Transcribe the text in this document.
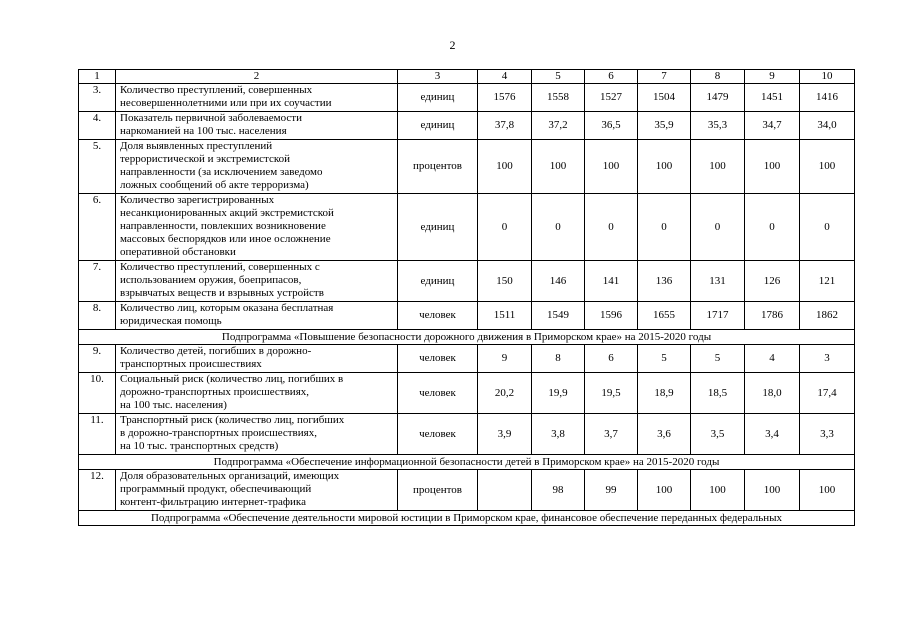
2
1	2	3	4	5	6	7	8	9	10
3.	Количество преступлений, совершенных
несовершеннолетними или при их соучастии	единиц	1576	1558	1527	1504	1479	1451	1416
4.	Показатель первичной заболеваемости
наркоманией на 100 тыс. населения	единиц	37,8	37,2	36,5	35,9	35,3	34,7	34,0
5.	Доля выявленных преступлений
террористической и экстремистской
направленности (за исключением заведомо
ложных сообщений об акте терроризма)	процентов	100	100	100	100	100	100	100
6.	Количество зарегистрированных
несанкционированных акций экстремистской
направленности, повлекших возникновение
массовых беспорядков или иное осложнение
оперативной обстановки	единиц	0	0	0	0	0	0	0
7.	Количество преступлений, совершенных с
использованием оружия, боеприпасов,
взрывчатых веществ и взрывных устройств	единиц	150	146	141	136	131	126	121
8.	Количество лиц, которым оказана бесплатная
юридическая помощь	человек	1511	1549	1596	1655	1717	1786	1862
Подпрограмма «Повышение безопасности дорожного движения в Приморском крае» на 2015-2020 годы									
9.	Количество детей, погибших в дорожно-
транспортных происшествиях	человек	9	8	6	5	5	4	3
10.	Социальный риск (количество лиц, погибших в
дорожно-транспортных происшествиях,
на 100 тыс. населения)	человек	20,2	19,9	19,5	18,9	18,5	18,0	17,4
11.	Транспортный риск (количество лиц, погибших
в дорожно-транспортных происшествиях,
на 10 тыс. транспортных средств)	человек	3,9	3,8	3,7	3,6	3,5	3,4	3,3
Подпрограмма «Обеспечение информационной безопасности детей в Приморском крае» на 2015-2020 годы									
12.	Доля образовательных организаций, имеющих
программный продукт, обеспечивающий
контент-фильтрацию интернет-трафика	процентов		98	99	100	100	100	100
Подпрограмма «Обеспечение деятельности мировой юстиции в Приморском крае, финансовое обеспечение переданных федеральных									
